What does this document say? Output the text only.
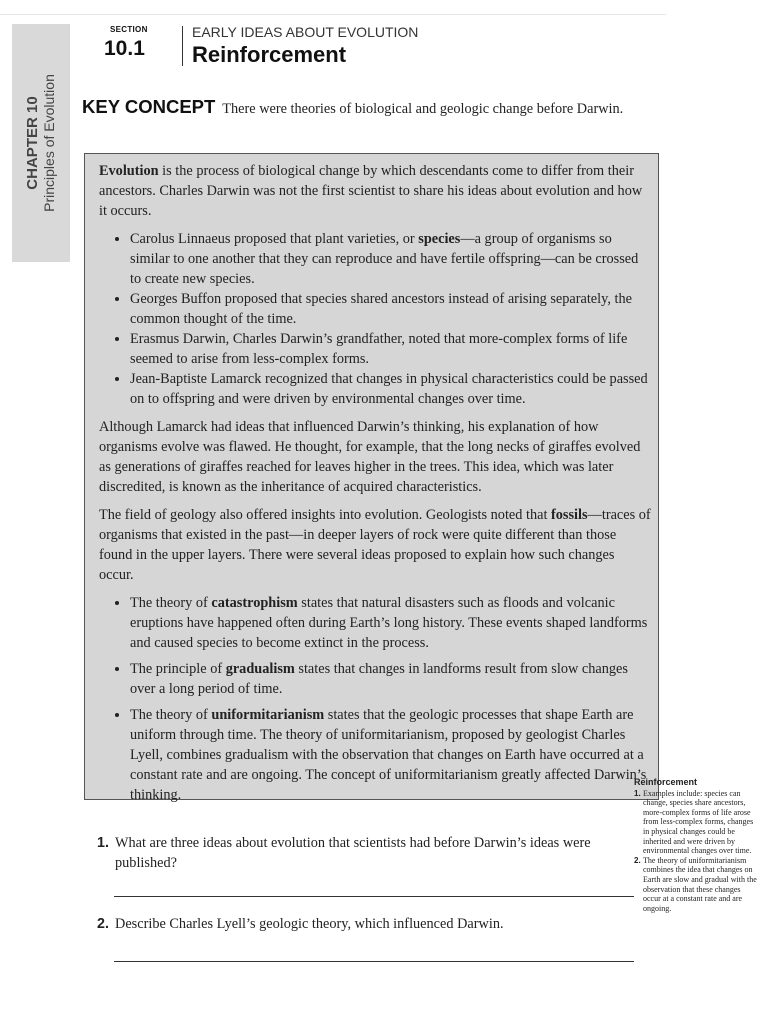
CHAPTER 10 Principles of Evolution
SECTION
10.1
EARLY IDEAS ABOUT EVOLUTION
Reinforcement
KEY CONCEPT There were theories of biological and geologic change before Darwin.

Evolution is the process of biological change by which descendants come to differ from their ancestors. Charles Darwin was not the first scientist to share his ideas about evolution and how it occurs.

• Carolus Linnaeus proposed that plant varieties, or species—a group of organisms so similar to one another that they can reproduce and have fertile offspring—can be crossed to create new species.
• Georges Buffon proposed that species shared ancestors instead of arising separately, the common thought of the time.
• Erasmus Darwin, Charles Darwin’s grandfather, noted that more-complex forms of life seemed to arise from less-complex forms.
• Jean-Baptiste Lamarck recognized that changes in physical characteristics could be passed on to offspring and were driven by environmental changes over time.

Although Lamarck had ideas that influenced Darwin’s thinking, his explanation of how organisms evolve was flawed. He thought, for example, that the long necks of giraffes evolved as generations of giraffes reached for leaves higher in the trees. This idea, which was later discredited, is known as the inheritance of acquired characteristics.

The field of geology also offered insights into evolution. Geologists noted that fossils—traces of organisms that existed in the past—in deeper layers of rock were quite different than those found in the upper layers. There were several ideas proposed to explain how such changes occur.

• The theory of catastrophism states that natural disasters such as floods and volcanic eruptions have happened often during Earth’s long history. These events shaped landforms and caused species to become extinct in the process.
• The principle of gradualism states that changes in landforms result from slow changes over a long period of time.
• The theory of uniformitarianism states that the geologic processes that shape Earth are uniform through time. The theory of uniformitarianism, proposed by geologist Charles Lyell, combines gradualism with the observation that changes on Earth have occurred at a constant rate and are ongoing. The concept of uniformitarianism greatly affected Darwin’s thinking.
1. What are three ideas about evolution that scientists had before Darwin’s ideas were published?
2. Describe Charles Lyell’s geologic theory, which influenced Darwin.
Reinforcement
1. Examples include: species can change, species share ancestors, more-complex forms of life arose from less-complex forms, changes in physical changes could be inherited and were driven by environmental changes over time.
2. The theory of uniformitarianism combines the idea that changes on Earth are slow and gradual with the observation that these changes occur at a constant rate and are ongoing.
